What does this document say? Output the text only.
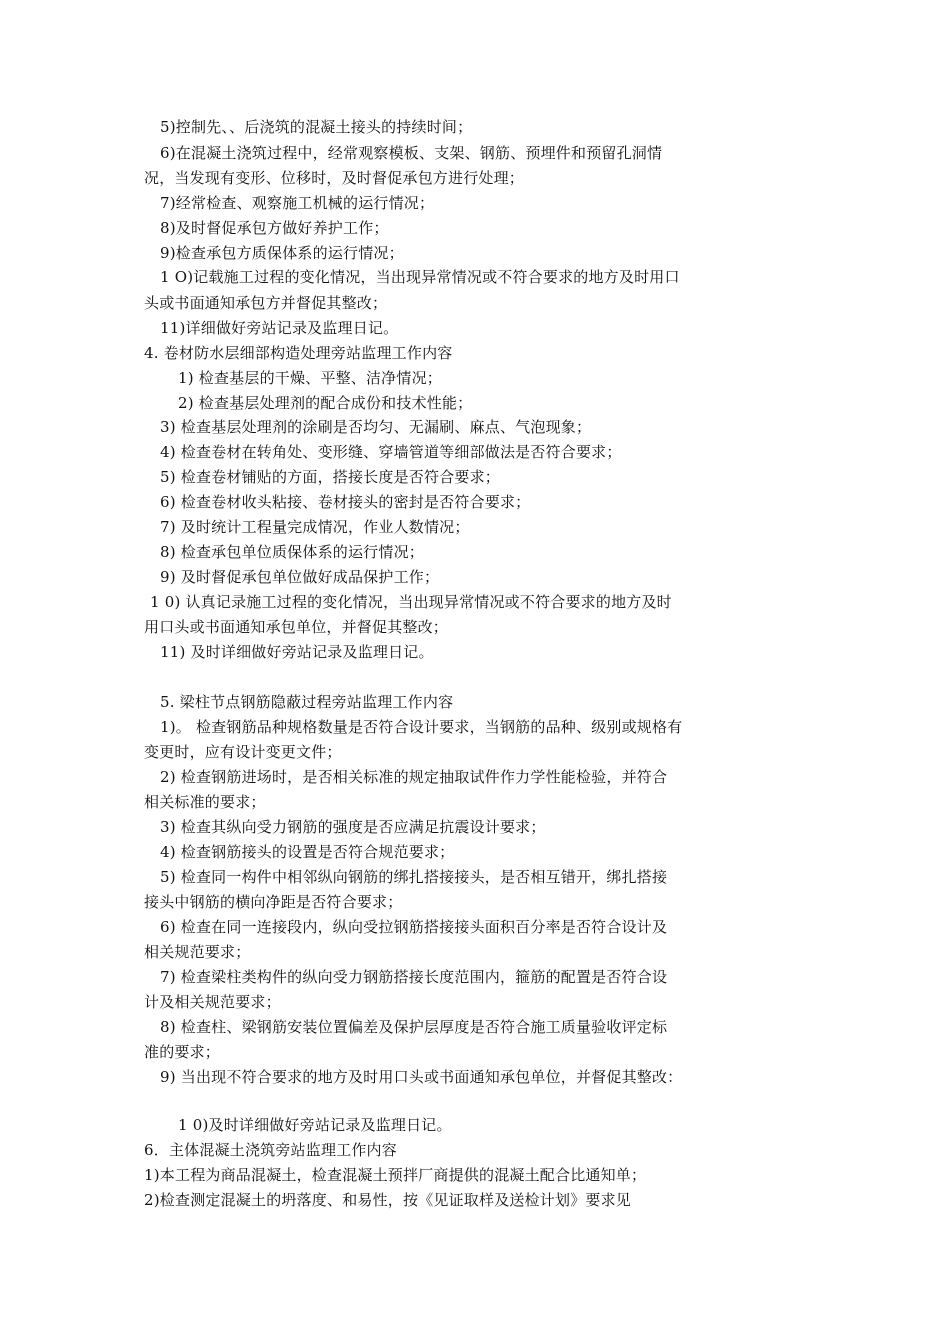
5)控制先、、后浇筑的混凝土接头的持续时间；
6)在混凝土浇筑过程中，经常观察模板、支架、钢筋、预埋件和预留孔洞情
况，当发现有变形、位移时，及时督促承包方进行处理；
7)经常检查、观察施工机械的运行情况；
8)及时督促承包方做好养护工作；
9)检查承包方质保体系的运行情况；
1 O)记载施工过程的变化情况，当出现异常情况或不符合要求的地方及时用口
头或书面通知承包方并督促其整改；
11)详细做好旁站记录及监理日记。
4. 卷材防水层细部构造处理旁站监理工作内容
1) 检查基层的干燥、平整、洁净情况；
2) 检查基层处理剂的配合成份和技术性能；
3) 检查基层处理剂的涂刷是否均匀、无漏刷、麻点、气泡现象；
4) 检查卷材在转角处、变形缝、穿墙管道等细部做法是否符合要求；
5) 检查卷材铺贴的方面，搭接长度是否符合要求；
6) 检查卷材收头粘接、卷材接头的密封是否符合要求；
7) 及时统计工程量完成情况，作业人数情况；
8) 检查承包单位质保体系的运行情况；
9) 及时督促承包单位做好成品保护工作；
1 0) 认真记录施工过程的变化情况，当出现异常情况或不符合要求的地方及时
用口头或书面通知承包单位，并督促其整改；
11) 及时详细做好旁站记录及监理日记。
5. 梁柱节点钢筋隐蔽过程旁站监理工作内容
1)。 检查钢筋品种规格数量是否符合设计要求，当钢筋的品种、级别或规格有
变更时，应有设计变更文件；
2) 检查钢筋进场时，是否相关标准的规定抽取试件作力学性能检验，并符合
相关标准的要求；
3) 检查其纵向受力钢筋的强度是否应满足抗震设计要求；
4) 检查钢筋接头的设置是否符合规范要求；
5) 检查同一构件中相邻纵向钢筋的绑扎搭接接头，是否相互错开，绑扎搭接
接头中钢筋的横向净距是否符合要求；
6) 检查在同一连接段内，纵向受拉钢筋搭接接头面积百分率是否符合设计及
相关规范要求；
7) 检查梁柱类构件的纵向受力钢筋搭接长度范围内，箍筋的配置是否符合设
计及相关规范要求；
8) 检查柱、梁钢筋安装位置偏差及保护层厚度是否符合施工质量验收评定标
准的要求；
9) 当出现不符合要求的地方及时用口头或书面通知承包单位，并督促其整改：
1 0)及时详细做好旁站记录及监理日记。
6．主体混凝土浇筑旁站监理工作内容
1)本工程为商品混凝土，检查混凝土预拌厂商提供的混凝土配合比通知单；
2)检查测定混凝土的坍落度、和易性，按《见证取样及送检计划》要求见
